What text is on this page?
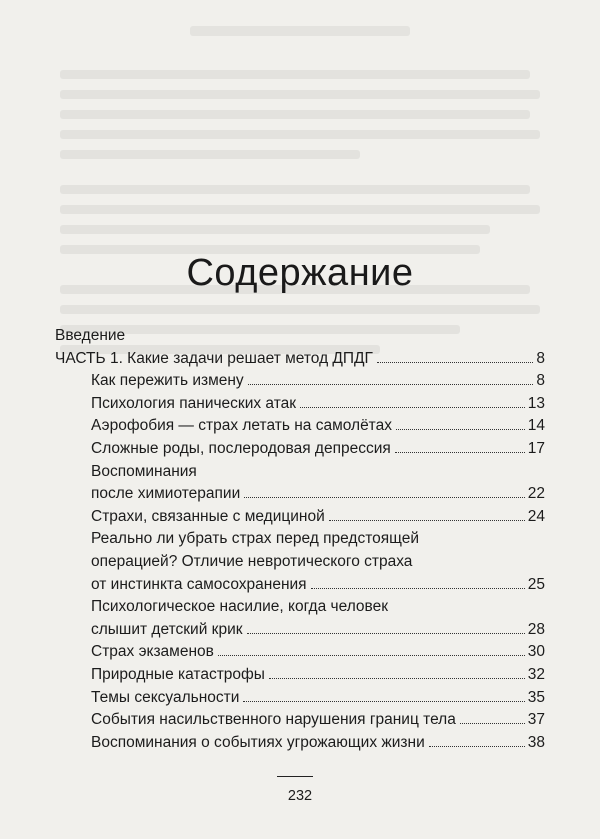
Содержание
Введение
ЧАСТЬ 1. Какие задачи решает метод ДПДГ	8
Как пережить измену	8
Психология панических атак	13
Аэрофобия — страх летать на самолётах	14
Сложные роды, послеродовая депрессия	17
Воспоминания
после химиотерапии	22
Страхи, связанные с медициной	24
Реально ли убрать страх перед предстоящей
операцией? Отличие невротического страха
от инстинкта самосохранения	25
Психологическое насилие, когда человек
слышит детский крик	28
Страх экзаменов	30
Природные катастрофы	32
Темы сексуальности	35
События насильственного нарушения границ тела	37
Воспоминания о событиях угрожающих жизни	38
232
